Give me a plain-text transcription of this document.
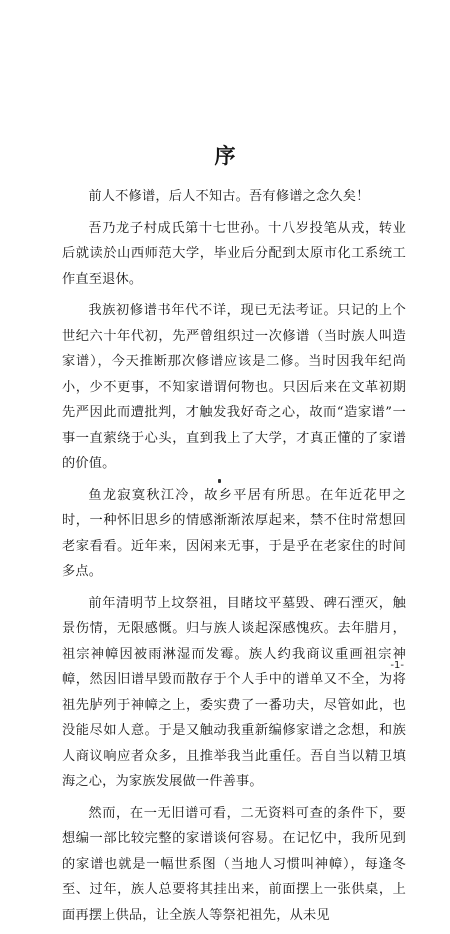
序

前人不修谱，后人不知古。吾有修谱之念久矣！

吾乃龙子村成氏第十七世孙。十八岁投笔从戎，转业后就读於山西师范大学，毕业后分配到太原市化工系统工作直至退休。

我族初修谱书年代不详，现已无法考证。只记的上个世纪六十年代初，先严曾组织过一次修谱（当时族人叫造家谱），今天推断那次修谱应该是二修。当时因我年纪尚小，少不更事，不知家谱谓何物也。只因后来在文革初期先严因此而遭批判，才触发我好奇之心，故而“造家谱”一事一直萦绕于心头，直到我上了大学，才真正懂的了家谱的价值。

鱼龙寂寞秋江冷，故乡平居有所思。在年近花甲之时，一种怀旧思乡的情感渐渐浓厚起来，禁不住时常想回老家看看。近年来，因闲来无事，于是乎在老家住的时间多点。

前年清明节上坟祭祖，目睹坟平墓毁、碑石湮灭，触景伤情，无限感慨。归与族人谈起深感愧疚。去年腊月，祖宗神幛因被雨淋湿而发霉。族人约我商议重画祖宗神幛，然因旧谱早毁而散存于个人手中的谱单又不全，为将祖先胪列于神幛之上，委实费了一番功夫，尽管如此，也没能尽如人意。于是又触动我重新编修家谱之念想，和族人商议响应者众多，且推举我当此重任。吾自当以精卫填海之心，为家族发展做一件善事。

然而，在一无旧谱可看，二无资料可查的条件下，要想编一部比较完整的家谱谈何容易。在记忆中，我所见到的家谱也就是一幅世系图（当地人习惯叫神幛），每逢冬至、过年，族人总要将其挂出来，前面摆上一张供桌，上面再摆上供品，让全族人等祭祀祖先，从未见

-1-
